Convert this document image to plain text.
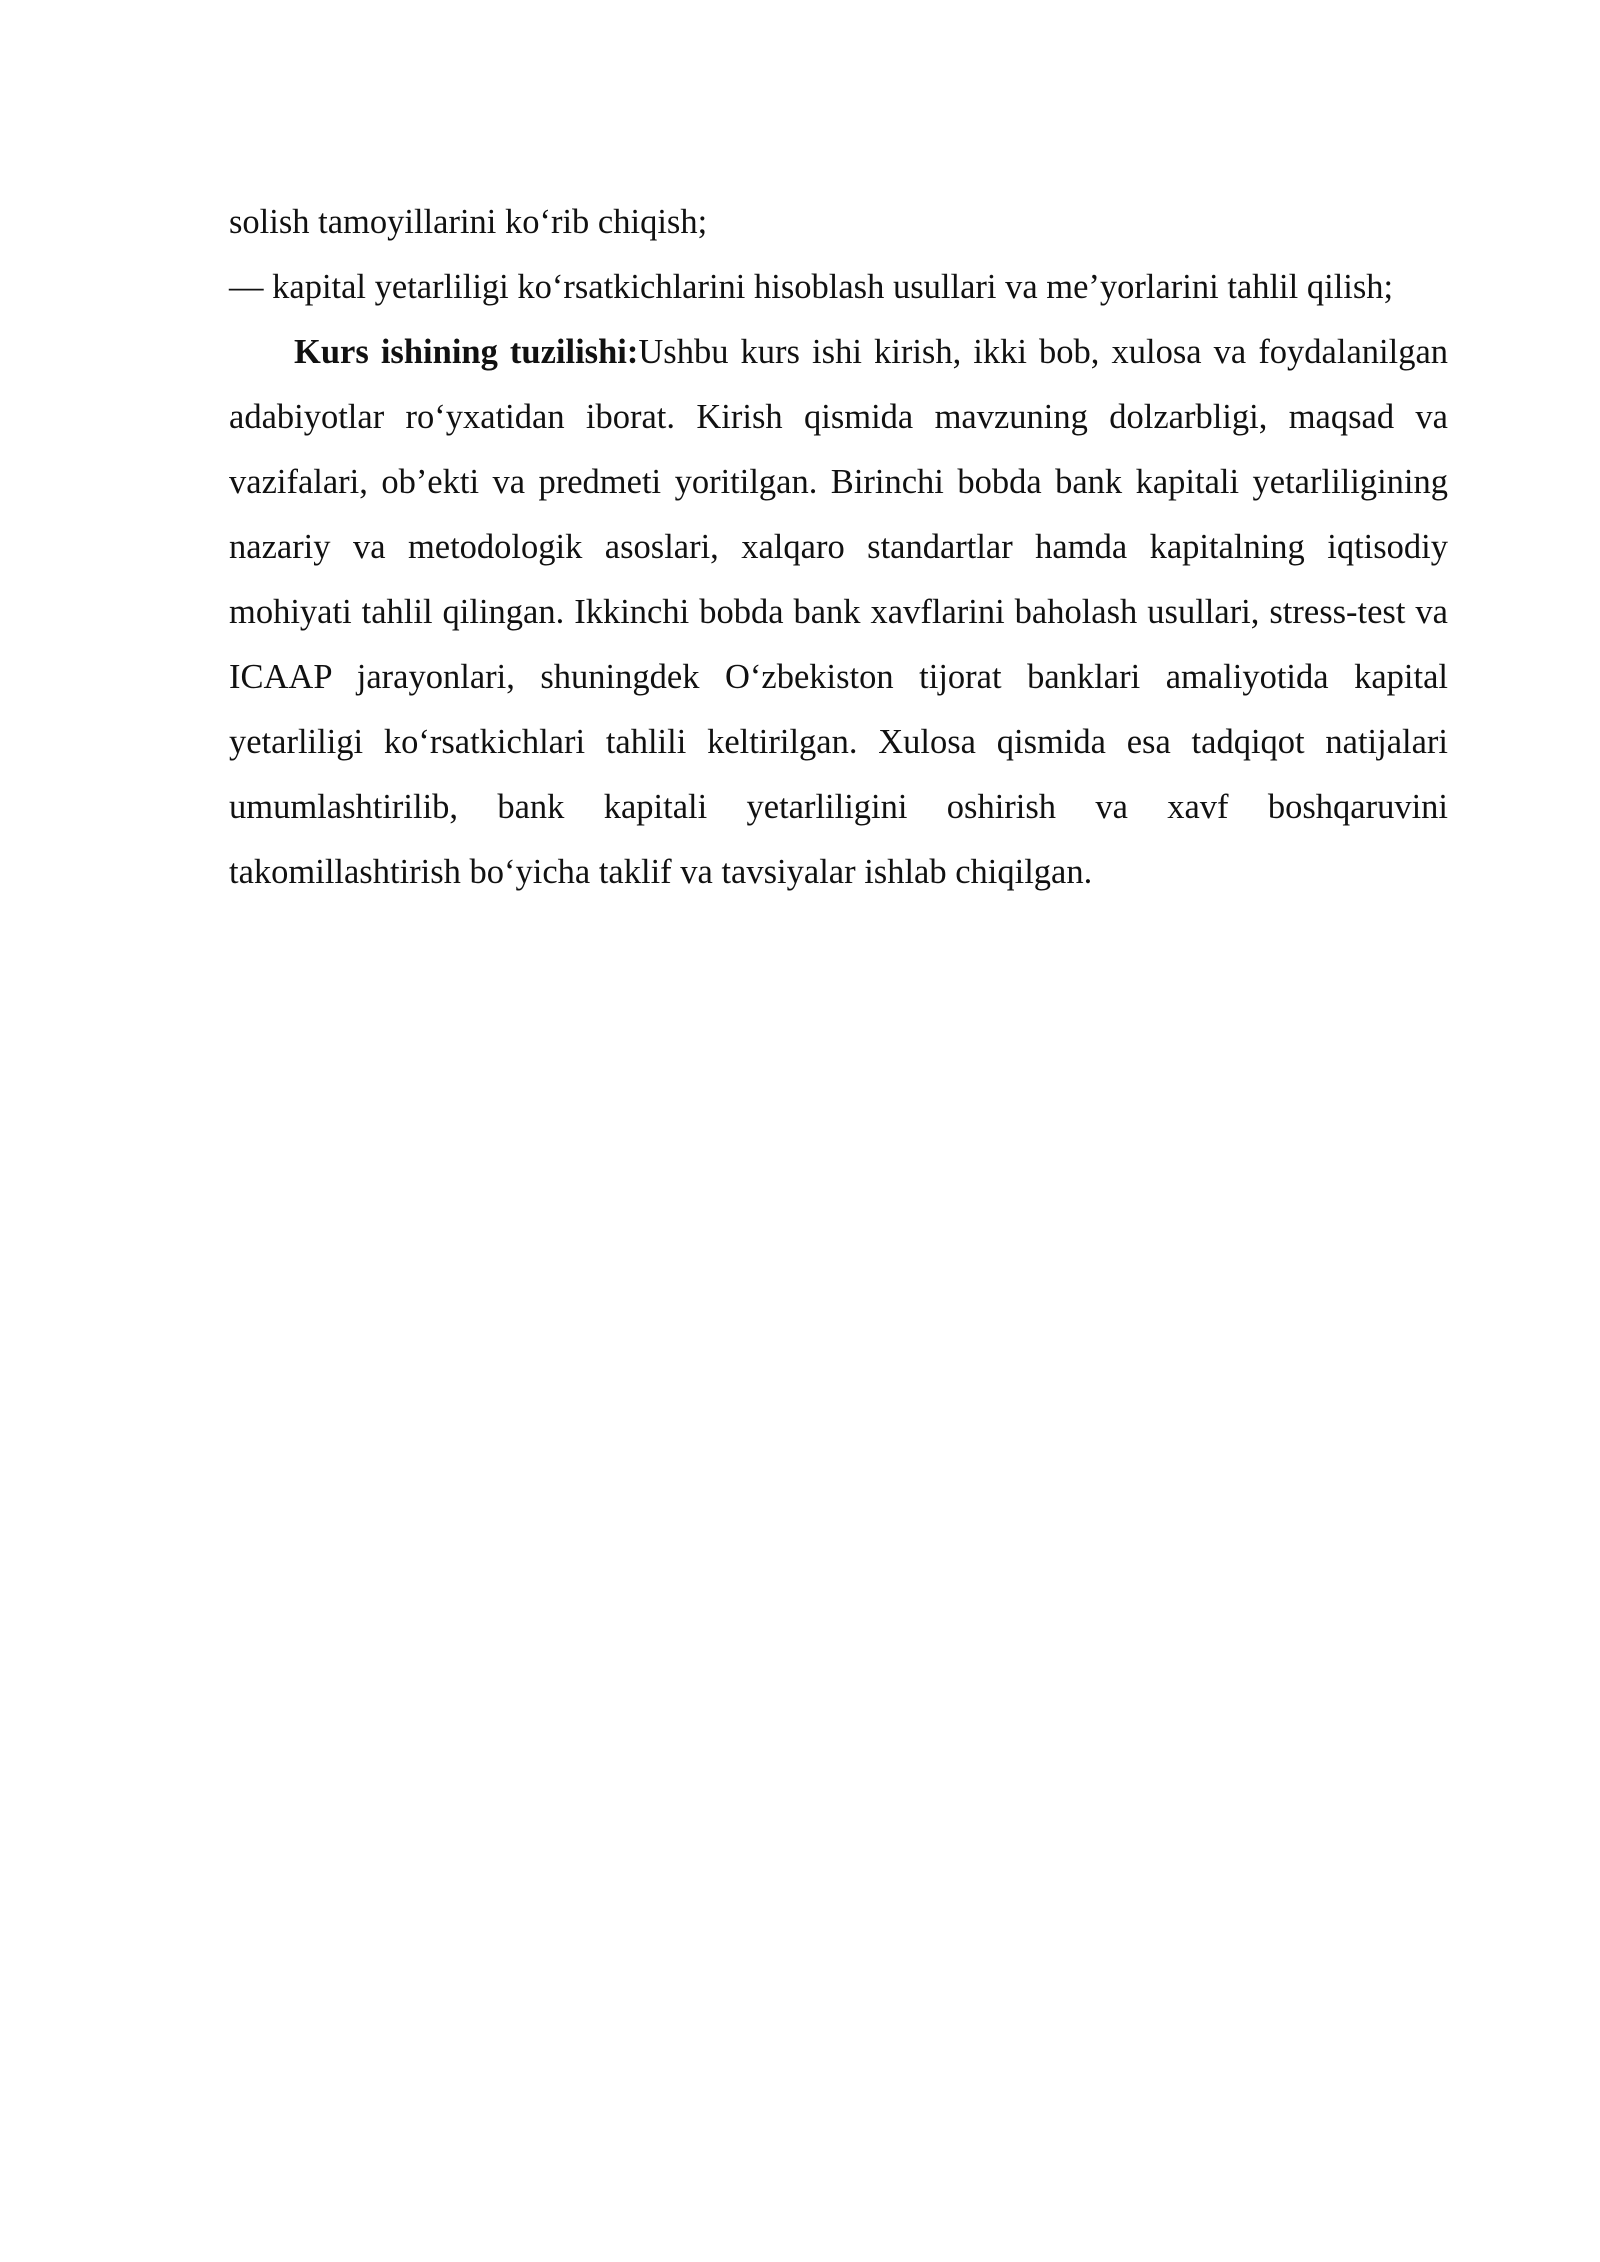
solish tamoyillarini ko‘rib chiqish;

— kapital yetarliligi ko‘rsatkichlarini hisoblash usullari va me’yorlarini tahlil qilish;

Kurs ishining tuzilishi:Ushbu kurs ishi kirish, ikki bob, xulosa va foydalanilgan adabiyotlar ro‘yxatidan iborat. Kirish qismida mavzuning dolzarbligi, maqsad va vazifalari, ob’ekti va predmeti yoritilgan. Birinchi bobda bank kapitali yetarliligining nazariy va metodologik asoslari, xalqaro standartlar hamda kapitalning iqtisodiy mohiyati tahlil qilingan. Ikkinchi bobda bank xavflarini baholash usullari, stress-test va ICAAP jarayonlari, shuningdek O‘zbekiston tijorat banklari amaliyotida kapital yetarliligi ko‘rsatkichlari tahlili keltirilgan. Xulosa qismida esa tadqiqot natijalari umumlashtirilib, bank kapitali yetarliligini oshirish va xavf boshqaruvini takomillashtirish bo‘yicha taklif va tavsiyalar ishlab chiqilgan.
